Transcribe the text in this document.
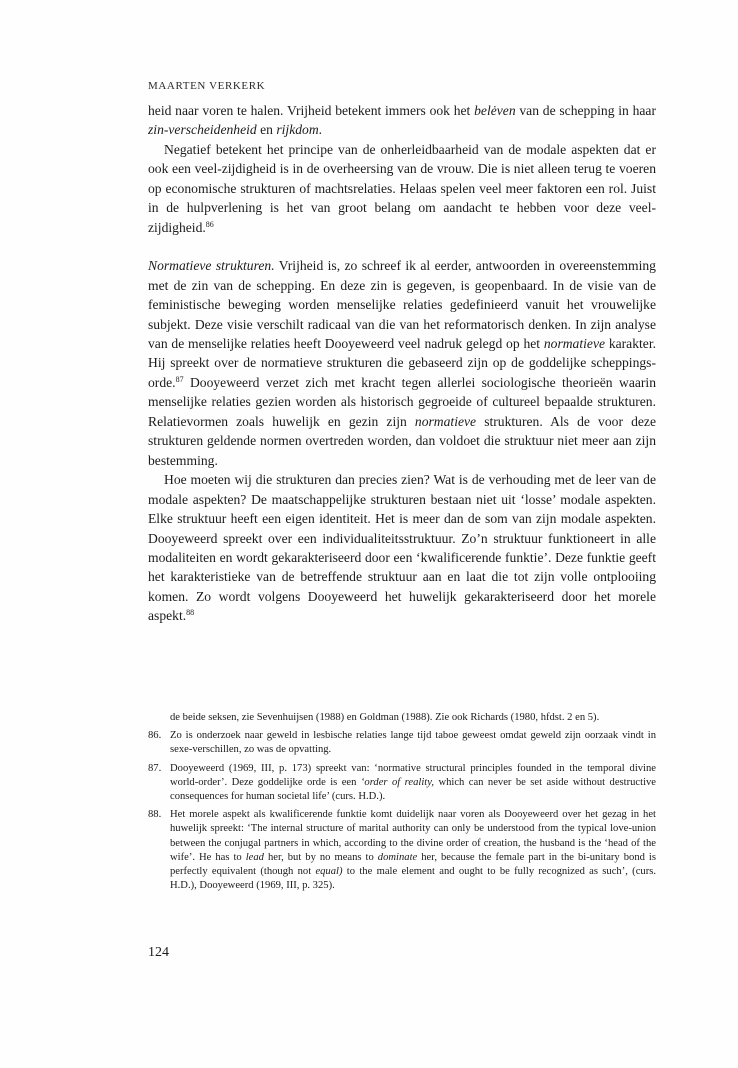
MAARTEN VERKERK

heid naar voren te halen. Vrijheid betekent immers ook het belėven van de schepping in haar zin-verscheidenheid en rijkdom.

Negatief betekent het principe van de onherleidbaarheid van de modale aspekten dat er ook een veel-zijdigheid is in de overheersing van de vrouw. Die is niet alleen terug te voeren op economische strukturen of machtsrelaties. Helaas spelen veel meer faktoren een rol. Juist in de hulpverlening is het van groot belang om aandacht te hebben voor deze veel-zijdigheid.$^{86}$

Normatieve strukturen. Vrijheid is, zo schreef ik al eerder, antwoorden in overeenstemming met de zin van de schepping. En deze zin is gegeven, is geopenbaard. In de visie van de feministische beweging worden menselijke relaties gedefinieerd vanuit het vrouwelijke subjekt. Deze visie verschilt radicaal van die van het reformatorisch denken. In zijn analyse van de menselijke relaties heeft Dooyeweerd veel nadruk gelegd op het normatieve karakter. Hij spreekt over de normatieve strukturen die gebaseerd zijn op de goddelijke scheppingsorde.$^{87}$ Dooyeweerd verzet zich met kracht tegen allerlei sociologische theorieën waarin menselijke relaties gezien worden als historisch gegroeide of cultureel bepaalde strukturen. Relatievormen zoals huwelijk en gezin zijn normatieve strukturen. Als de voor deze strukturen geldende normen overtreden worden, dan voldoet die struktuur niet meer aan zijn bestemming.

Hoe moeten wij die strukturen dan precies zien? Wat is de verhouding met de leer van de modale aspekten? De maatschappelijke strukturen bestaan niet uit ‘losse’ modale aspekten. Elke struktuur heeft een eigen identiteit. Het is meer dan de som van zijn modale aspekten. Dooyeweerd spreekt over een individualiteitsstruktuur. Zo’n struktuur funktioneert in alle modaliteiten en wordt gekarakteriseerd door een ‘kwalificerende funktie’. Deze funktie geeft het karakteristieke van de betreffende struktuur aan en laat die tot zijn volle ontplooiing komen. Zo wordt volgens Dooyeweerd het huwelijk gekarakteriseerd door het morele aspekt.$^{88}$

de beide seksen, zie Sevenhuijsen (1988) en Goldman (1988). Zie ook Richards (1980, hfdst. 2 en 5).
86. Zo is onderzoek naar geweld in lesbische relaties lange tijd taboe geweest omdat geweld zijn oorzaak vindt in sexe-verschillen, zo was de opvatting.
87. Dooyeweerd (1969, III, p. 173) spreekt van: ‘normative structural principles founded in the temporal divine world-order’. Deze goddelijke orde is een ‘order of reality, which can never be set aside without destructive consequences for human societal life’ (curs. H.D.).
88. Het morele aspekt als kwalificerende funktie komt duidelijk naar voren als Dooyeweerd over het gezag in het huwelijk spreekt: ‘The internal structure of marital authority can only be understood from the typical love-union between the conjugal partners in which, according to the divine order of creation, the husband is the ‘head of the wife’. He has to lead her, but by no means to dominate her, because the female part in the bi-unitary bond is perfectly equivalent (though not equal) to the male element and ought to be fully recognized as such’, (curs. H.D.), Dooyeweerd (1969, III, p. 325).
124
